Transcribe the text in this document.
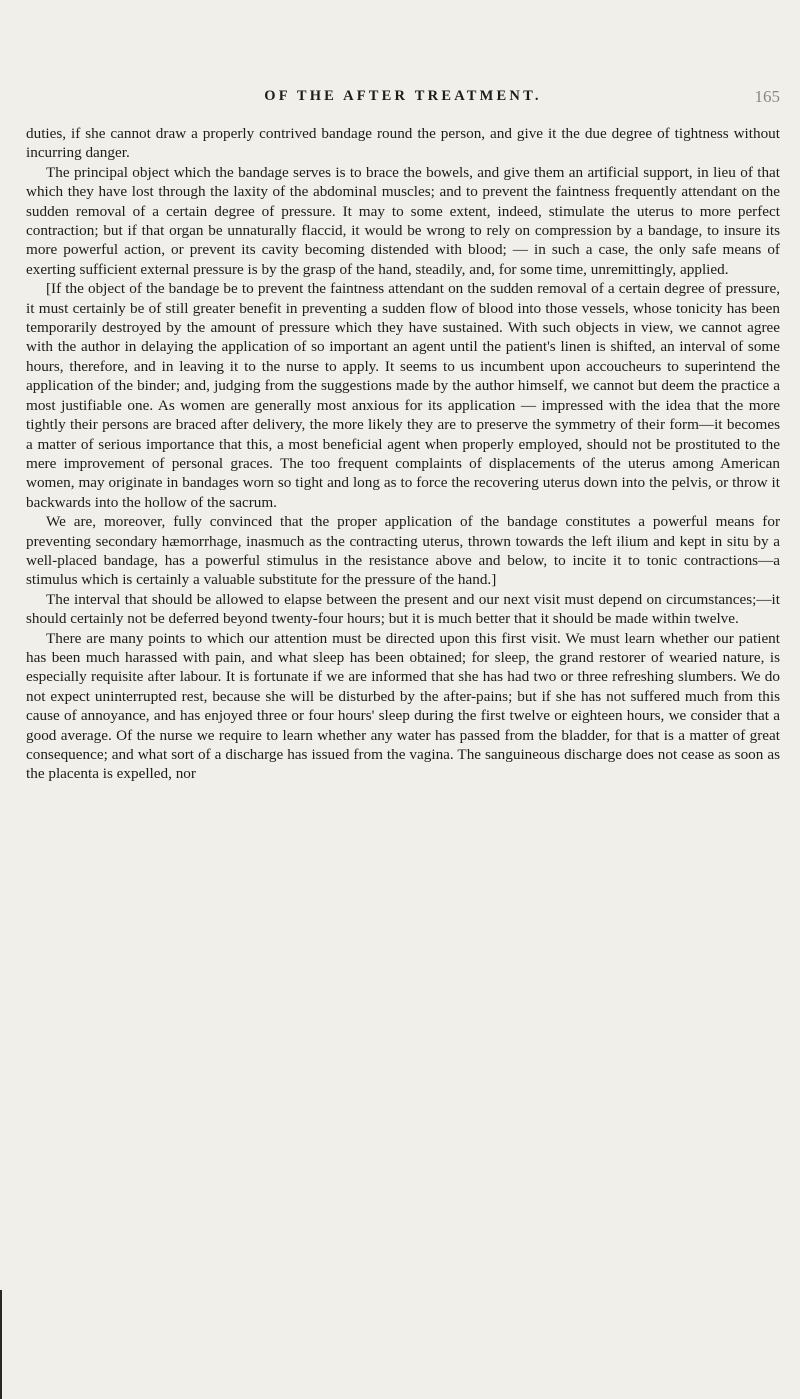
OF THE AFTER TREATMENT.	165

duties, if she cannot draw a properly contrived bandage round the person, and give it the due degree of tightness without incurring danger.

The principal object which the bandage serves is to brace the bowels, and give them an artificial support, in lieu of that which they have lost through the laxity of the abdominal muscles; and to prevent the faintness frequently attendant on the sudden removal of a certain degree of pressure. It may to some extent, indeed, stimulate the uterus to more perfect contraction; but if that organ be unnaturally flaccid, it would be wrong to rely on compression by a bandage, to insure its more powerful action, or prevent its cavity becoming distended with blood; — in such a case, the only safe means of exerting sufficient external pressure is by the grasp of the hand, steadily, and, for some time, unremittingly, applied.

[If the object of the bandage be to prevent the faintness attendant on the sudden removal of a certain degree of pressure, it must certainly be of still greater benefit in preventing a sudden flow of blood into those vessels, whose tonicity has been temporarily destroyed by the amount of pressure which they have sustained. With such objects in view, we cannot agree with the author in delaying the application of so important an agent until the patient's linen is shifted, an interval of some hours, therefore, and in leaving it to the nurse to apply. It seems to us incumbent upon accoucheurs to superintend the application of the binder; and, judging from the suggestions made by the author himself, we cannot but deem the practice a most justifiable one. As women are generally most anxious for its application — impressed with the idea that the more tightly their persons are braced after delivery, the more likely they are to preserve the symmetry of their form—it becomes a matter of serious importance that this, a most beneficial agent when properly employed, should not be prostituted to the mere improvement of personal graces. The too frequent complaints of displacements of the uterus among American women, may originate in bandages worn so tight and long as to force the recovering uterus down into the pelvis, or throw it backwards into the hollow of the sacrum.

We are, moreover, fully convinced that the proper application of the bandage constitutes a powerful means for preventing secondary hæmorrhage, inasmuch as the contracting uterus, thrown towards the left ilium and kept in situ by a well-placed bandage, has a powerful stimulus in the resistance above and below, to incite it to tonic contractions—a stimulus which is certainly a valuable substitute for the pressure of the hand.]

The interval that should be allowed to elapse between the present and our next visit must depend on circumstances;—it should certainly not be deferred beyond twenty-four hours; but it is much better that it should be made within twelve.

There are many points to which our attention must be directed upon this first visit. We must learn whether our patient has been much harassed with pain, and what sleep has been obtained; for sleep, the grand restorer of wearied nature, is especially requisite after labour. It is fortunate if we are informed that she has had two or three refreshing slumbers. We do not expect uninterrupted rest, because she will be disturbed by the after-pains; but if she has not suffered much from this cause of annoyance, and has enjoyed three or four hours' sleep during the first twelve or eighteen hours, we consider that a good average. Of the nurse we require to learn whether any water has passed from the bladder, for that is a matter of great consequence; and what sort of a discharge has issued from the vagina. The sanguineous discharge does not cease as soon as the placenta is expelled, nor
